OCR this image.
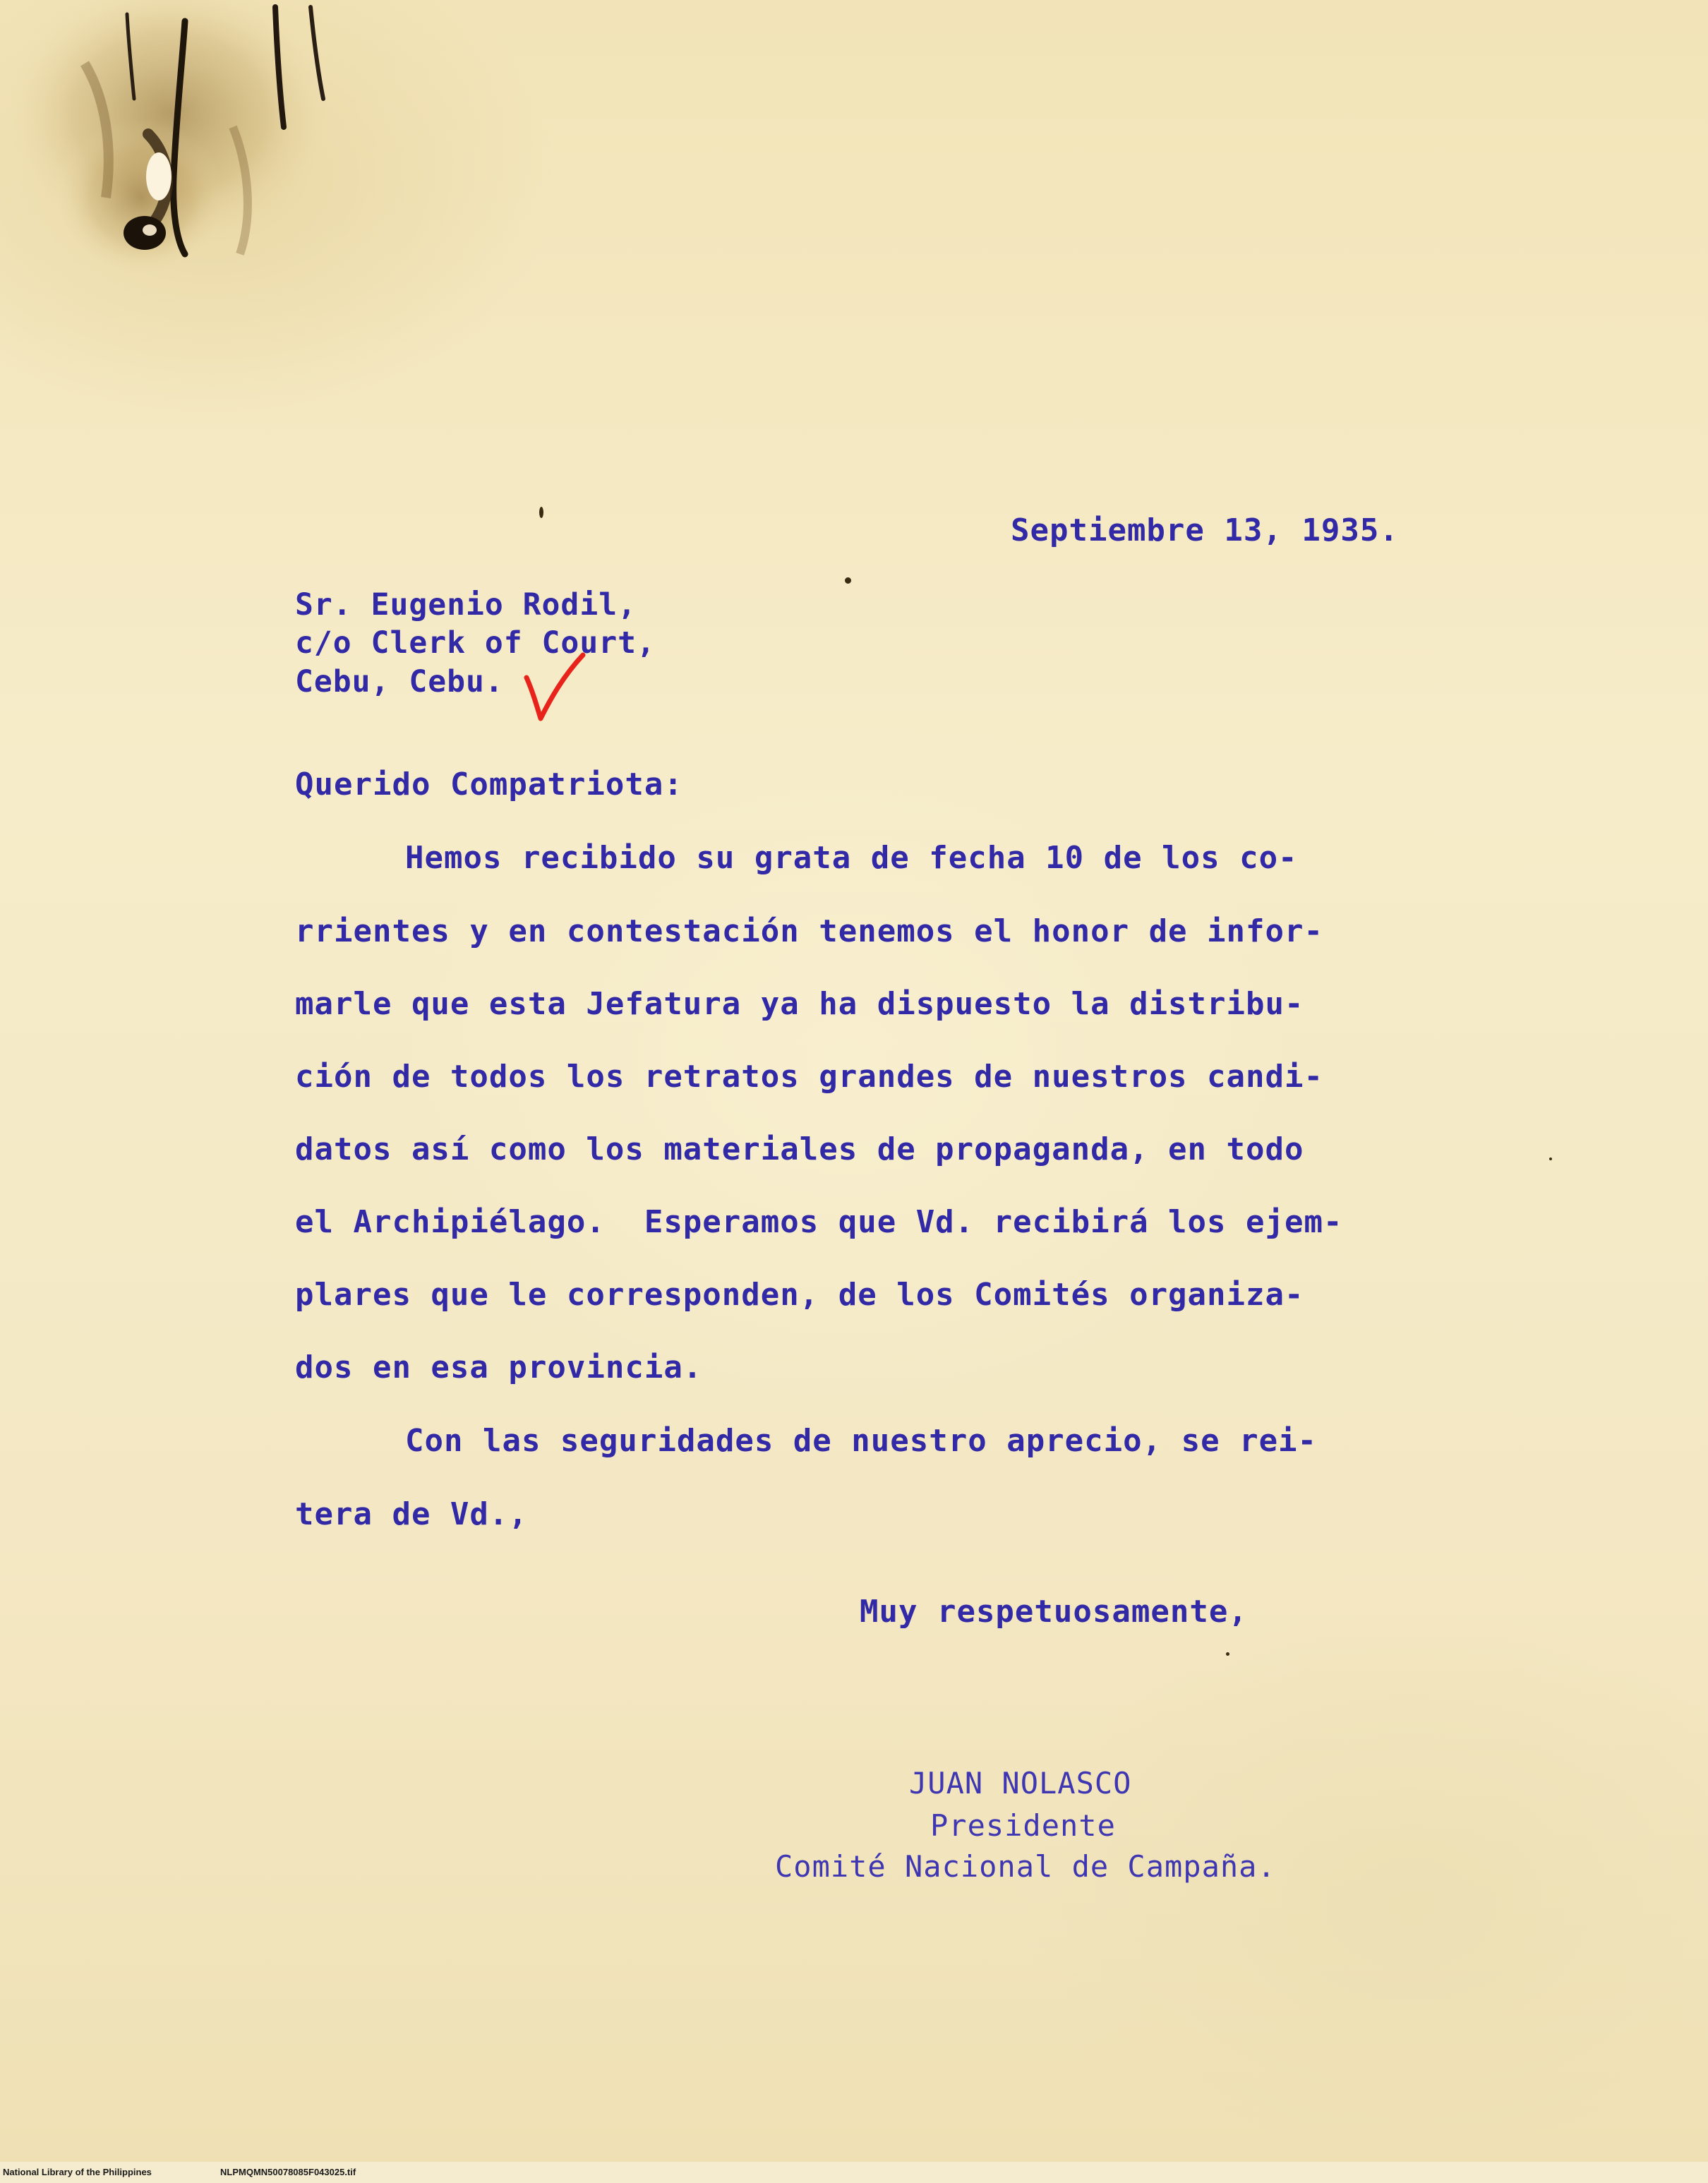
Septiembre 13, 1935.
Sr. Eugenio Rodil,
c/o Clerk of Court,
Cebu, Cebu.
Querido Compatriota:
Hemos recibido su grata de fecha 10 de los co-
rrientes y en contestación tenemos el honor de infor-
marle que esta Jefatura ya ha dispuesto la distribu-
ción de todos los retratos grandes de nuestros candi-
datos así como los materiales de propaganda, en todo
el Archipiélago.  Esperamos que Vd. recibirá los ejem-
plares que le corresponden, de los Comités organiza-
dos en esa provincia.
Con las seguridades de nuestro aprecio, se rei-
tera de Vd.,
Muy respetuosamente,
JUAN NOLASCO
Presidente
Comité Nacional de Campaña.

National Library of the Philippines

	NLPMQMN50078085F043025.tif
